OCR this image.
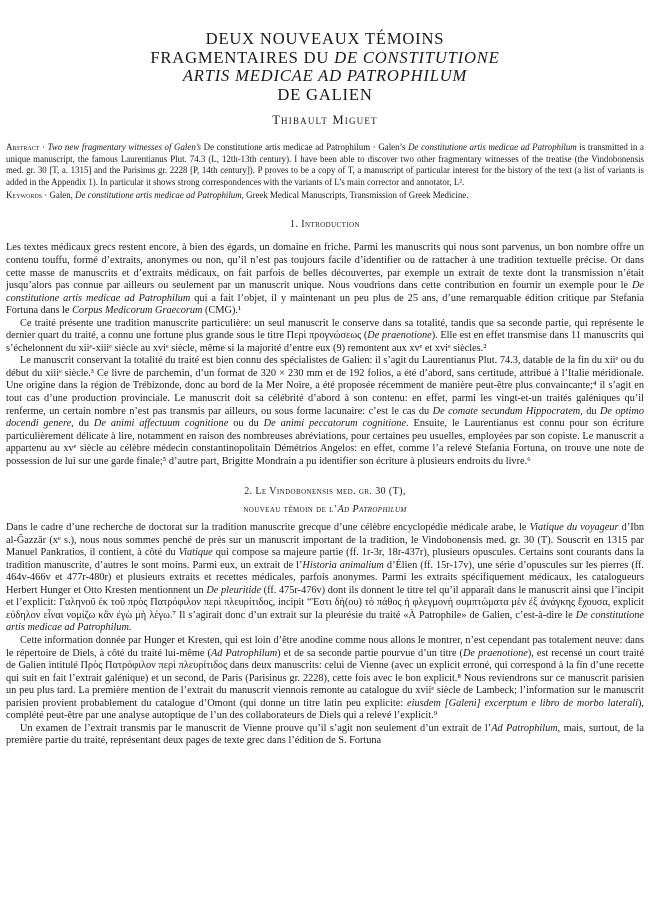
DEUX NOUVEAUX TÉMOINS
FRAGMENTAIRES DU DE CONSTITUTIONE
ARTIS MEDICAE AD PATROPHILUM
DE GALIEN
Thibault Miguet
Abstract · Two new fragmentary witnesses of Galen’s De constitutione artis medicae ad Patrophilum · Galen’s De constitutione artis medicae ad Patrophilum is transmitted in a unique manuscript, the famous Laurentianus Plut. 74.3 (L, 12th-13th century). I have been able to discover two other fragmentary witnesses of the treatise (the Vindobonensis med. gr. 30 [T, a. 1315] and the Parisinus gr. 2228 [P, 14th century]). P proves to be a copy of T, a manuscript of particular interest for the history of the text (a list of variants is added in the Appendix 1). In particular it shows strong correspondences with the variants of L’s main corrector and annotator, L².
Keywords · Galen, De constitutione artis medicae ad Patrophilum, Greek Medical Manuscripts, Transmission of Greek Medicine.
1. Introduction

Les textes médicaux grecs restent encore, à bien des égards, un domaine en friche. Parmi les manuscrits qui nous sont parvenus, un bon nombre offre un contenu touffu, formé d’extraits, anonymes ou non, qu’il n’est pas toujours facile d’identifier ou de rattacher à une tradition textuelle précise. Or dans cette masse de manuscrits et d’extraits médicaux, on fait parfois de belles découvertes, par exemple un extrait de texte dont la transmission n’était jusqu’alors pas connue par ailleurs ou seulement par un manuscrit unique. Nous voudrions dans cette contribution en fournir un exemple pour le De constitutione artis medicae ad Patrophilum qui a fait l’objet, il y maintenant un peu plus de 25 ans, d’une remarquable édition critique par Stefania Fortuna dans le Corpus Medicorum Graecorum (CMG).¹

Ce traité présente une tradition manuscrite particulière: un seul manuscrit le conserve dans sa totalité, tandis que sa seconde partie, qui représente le dernier quart du traité, a connu une fortune plus grande sous le titre Περὶ προγνώσεως (De praenotione). Elle est en effet transmise dans 11 manuscrits qui s’échelonnent du xiiᵉ-xiiiᵉ siècle au xviᵉ siècle, même si la majorité d’entre eux (9) remontent aux xvᵉ et xviᵉ siècles.²

Le manuscrit conservant la totalité du traité est bien connu des spécialistes de Galien: il s’agit du Laurentianus Plut. 74.3, datable de la fin du xiiᵉ ou du début du xiiiᵉ siècle.³ Ce livre de parchemin, d’un format de 320 × 230 mm et de 192 folios, a été d’abord, sans certitude, attribué à l’Italie méridionale. Une origine dans la région de Trébizonde, donc au bord de la Mer Noire, a été proposée récemment de manière peut-être plus convaincante;⁴ il s’agit en tout cas d’une production provinciale. Le manuscrit doit sa célébrité d’abord à son contenu: en effet, parmi les vingt-et-un traités galéniques qu’il renferme, un certain nombre n’est pas transmis par ailleurs, ou sous forme lacunaire: c’est le cas du De comate secundum Hippocratem, du De optimo docendi genere, du De animi affectuum cognitione ou du De animi peccatorum cognitione. Ensuite, le Laurentianus est connu pour son écriture particulièrement délicate à lire, notamment en raison des nombreuses abréviations, pour certaines peu usuelles, employées par son copiste. Le manuscrit a appartenu au xvᵉ siècle au célèbre médecin constantinopolitain Démétrios Angelos: en effet, comme l’a relevé Stefania Fortuna, on trouve une note de possession de lui sur une garde finale;⁵ d’autre part, Brigitte Mondrain a pu identifier son écriture à plusieurs endroits du livre.⁶

2. Le Vindobonensis med. gr. 30 (T),
nouveau témoin de l’Ad Patrophilum

Dans le cadre d’une recherche de doctorat sur la tradition manuscrite grecque d’une célèbre encyclopédie médicale arabe, le Viatique du voyageur d’Ibn al-Ǧazzār (xᵉ s.), nous nous sommes penché de près sur un manuscrit important de la tradition, le Vindobonensis med. gr. 30 (T). Souscrit en 1315 par Manuel Pankratios, il contient, à côté du Viatique qui compose sa majeure partie (ff. 1r-3r, 18r-437r), plusieurs opuscules. Certains sont courants dans la tradition manuscrite, d’autres le sont moins. Parmi eux, un extrait de l’Historia animalium d’Élien (ff. 15r-17v), une série d’opuscules sur les pierres (ff. 464v-466v et 477r-480r) et plusieurs extraits et recettes médicales, parfois anonymes. Parmi les extraits spécifiquement médicaux, les catalogueurs Herbert Hunger et Otto Kresten mentionnent un De pleuritide (ff. 475r-476v) dont ils donnent le titre tel qu’il apparaît dans le manuscrit ainsi que l’incipit et l’explicit: Γαληνοῦ ἐκ τοῦ πρὸς Πατρόφιλον περὶ πλευρίτιδος, incipit “Ἐστι δὴ(ου) τὸ πάθος ἡ φλεγμονὴ συμπτώματα μὲν ἐξ ἀνάγκης ἔχουσα, explicit εὐδηλον εἶναι νομίζω κἂν ἐγὼ μὴ λέγω.⁷ Il s’agirait donc d’un extrait sur la pleurésie du traité «À Patrophile» de Galien, c’est-à-dire le De constitutione artis medicae ad Patrophilum.

Cette information donnée par Hunger et Kresten, qui est loin d’être anodine comme nous allons le montrer, n’est cependant pas totalement neuve: dans le répertoire de Diels, à côté du traité lui-même (Ad Patrophilum) et de sa seconde partie pourvue d’un titre (De praenotione), est recensé un court traité de Galien intitulé Πρὸς Πατρόφιλον περὶ πλευρίτιδος dans deux manuscrits: celui de Vienne (avec un explicit erroné, qui correspond à la fin d’une recette qui suit en fait l’extrait galénique) et un second, de Paris (Parisinus gr. 2228), cette fois avec le bon explicit.⁸ Nous reviendrons sur ce manuscrit parisien un peu plus tard. La première mention de l’extrait du manuscrit viennois remonte au catalogue du xviiᵉ siècle de Lambeck; l’information sur le manuscrit parisien provient probablement du catalogue d’Omont (qui donne un titre latin peu explicite: eiusdem [Galeni] excerptum e libro de morbo laterali), complété peut-être par une analyse autoptique de l’un des collaborateurs de Diels qui a relevé l’explicit.⁹

Un examen de l’extrait transmis par le manuscrit de Vienne prouve qu’il s’agit non seulement d’un extrait de l’Ad Patrophilum, mais, surtout, de la première partie du traité, représentant deux pages de texte grec dans l’édition de S. Fortuna
